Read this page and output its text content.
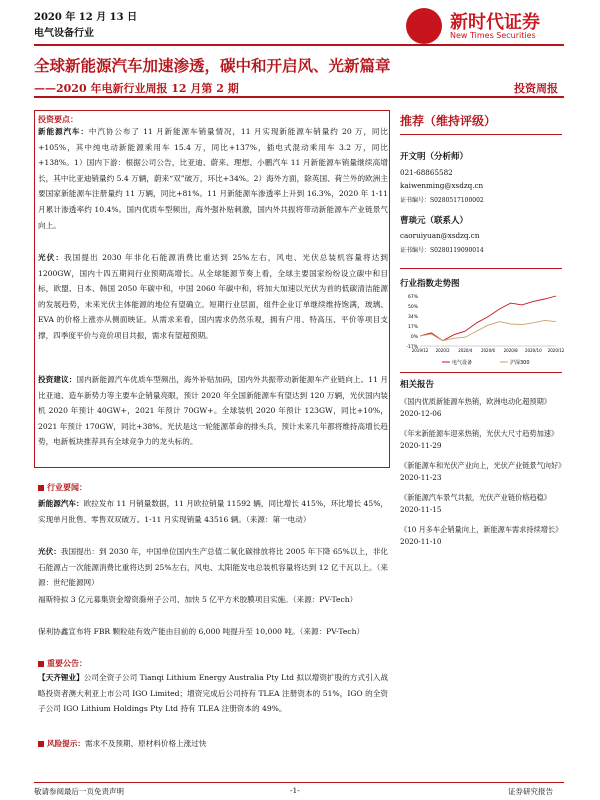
2020 年 12 月 13 日
电气设备行业
新时代证券
New Times Securities
全球新能源汽车加速渗透，碳中和开启风、光新篇章
——2020 年电新行业周报 12 月第 2 期	投资周报
投资要点：
新能源汽车：中汽协公布了 11 月新能源车销量情况，11 月实现新能源车销量约 20 万，同比+105%，其中纯电动新能源乘用车 15.4 万，同比+137%，插电式混动乘用车 3.2 万，同比+138%。1）国内下游：根据公司公告，比亚迪、蔚来、理想、小鹏汽车 11 月新能源车销量继续高增长，其中比亚迪销量约 5.4 万辆，蔚来“双”破万，环比+34%。2）海外方面，除英国、荷兰外的欧洲主要国家新能源车注册量约 11 万辆，同比+81%。11 月新能源车渗透率上升到 16.3%，2020 年 1-11 月累计渗透率约 10.4%。国内优质车型频出，海外强补贴刺激，国内外共振将带动新能源车产业链景气向上。
光伏：我国提出 2030 年非化石能源消费比重达到 25%左右，风电、光伏总装机容量将达到 1200GW，国内十四五期间行业预期高增长。从全球能源节奏上看，全球主要国家纷纷设立碳中和目标，欧盟、日本、韩国 2050 年碳中和，中国 2060 年碳中和，将加大加速以光伏为首的低碳清洁能源的发展趋势，未来光伏主体能源的地位有望确立。短期行业层面，组件企业订单继续维持饱满，玻璃、EVA 的价格上涨亦从侧面映证。从需求来看，国内需求仍然乐观，拥有户用、特高压、平价等项目支撑，四季度平价与竞价项目共振，需求有望超预期。
投资建议：国内新能源汽车优质车型频出，海外补贴加码，国内外共振带动新能源车产业链向上。11 月比亚迪、造车新势力等主要车企销量亮眼，预计 2020 年全国新能源车有望达到 120 万辆，光伏国内装机 2020 年预计 40GW+，2021 年预计 70GW+。全球装机 2020 年预计 123GW，同比+10%，2021 年预计 170GW，同比+38%。光伏是这一轮能源革命的排头兵，预计未来几年都将维持高增长趋势，电新板块推荐具有全球竞争力的龙头标的。
行业要闻：
新能源汽车：欧拉发布 11 月销量数据，11 月欧拉销量 11592 辆，同比增长 415%，环比增长 45%，实现单月批售、零售双双破万。1-11 月实现销量 43516 辆。（来源：第一电动）
光伏：我国提出：到 2030 年，中国单位国内生产总值二氧化碳排放将比 2005 年下降 65%以上，非化石能源占一次能源消费比重将达到 25%左右，风电、太阳能发电总装机容量将达到 12 亿千瓦以上。（来源：世纪能源网）
福斯特拟 3 亿元募集资金增资滁州子公司、加快 5 亿平方米胶膜项目实施。（来源：PV-Tech）
保利协鑫宣布将 FBR 颗粒硅有效产能由目前的 6,000 吨提升至 10,000 吨。（来源：PV-Tech）
重要公告：
【天齐锂业】公司全资子公司 Tianqi Lithium Energy Australia Pty Ltd 拟以增资扩股的方式引入战略投资者澳大利亚上市公司 IGO Limited；增资完成后公司持有 TLEA 注册资本的 51%，IGO 的全资子公司 IGO Lithium Holdings Pty Ltd 持有 TLEA 注册资本的 49%。
风险提示：需求不及预期、原材料价格上涨过快
推荐（维持评级）
开文明（分析师）
021-68865582
kaiwenming@xsdzq.cn
证书编号：S0280517100002
曹琰元（联系人）
caoruiyuan@xsdzq.cn
证书编号：S0280119090014
行业指数走势图
67%
50%
34%
17%
0%
-17%
2019/12 2020/2 2020/4 2020/6 2020/8 2020/10 2020/12
电气设备	沪深300
相关报告
《国内优质新能源车热销，欧洲电动化超预期》2020-12-06
《年末新能源车迎来热销，光伏大尺寸趋势加速》2020-11-29
《新能源车和光伏产业向上，光伏产业链景气向好》2020-11-23
《新能源汽车景气共振，光伏产业链价格趋稳》2020-11-15
《10 月多车企销量向上，新能源车需求持续增长》2020-11-10
敬请参阅最后一页免责声明	-1-	证券研究报告
